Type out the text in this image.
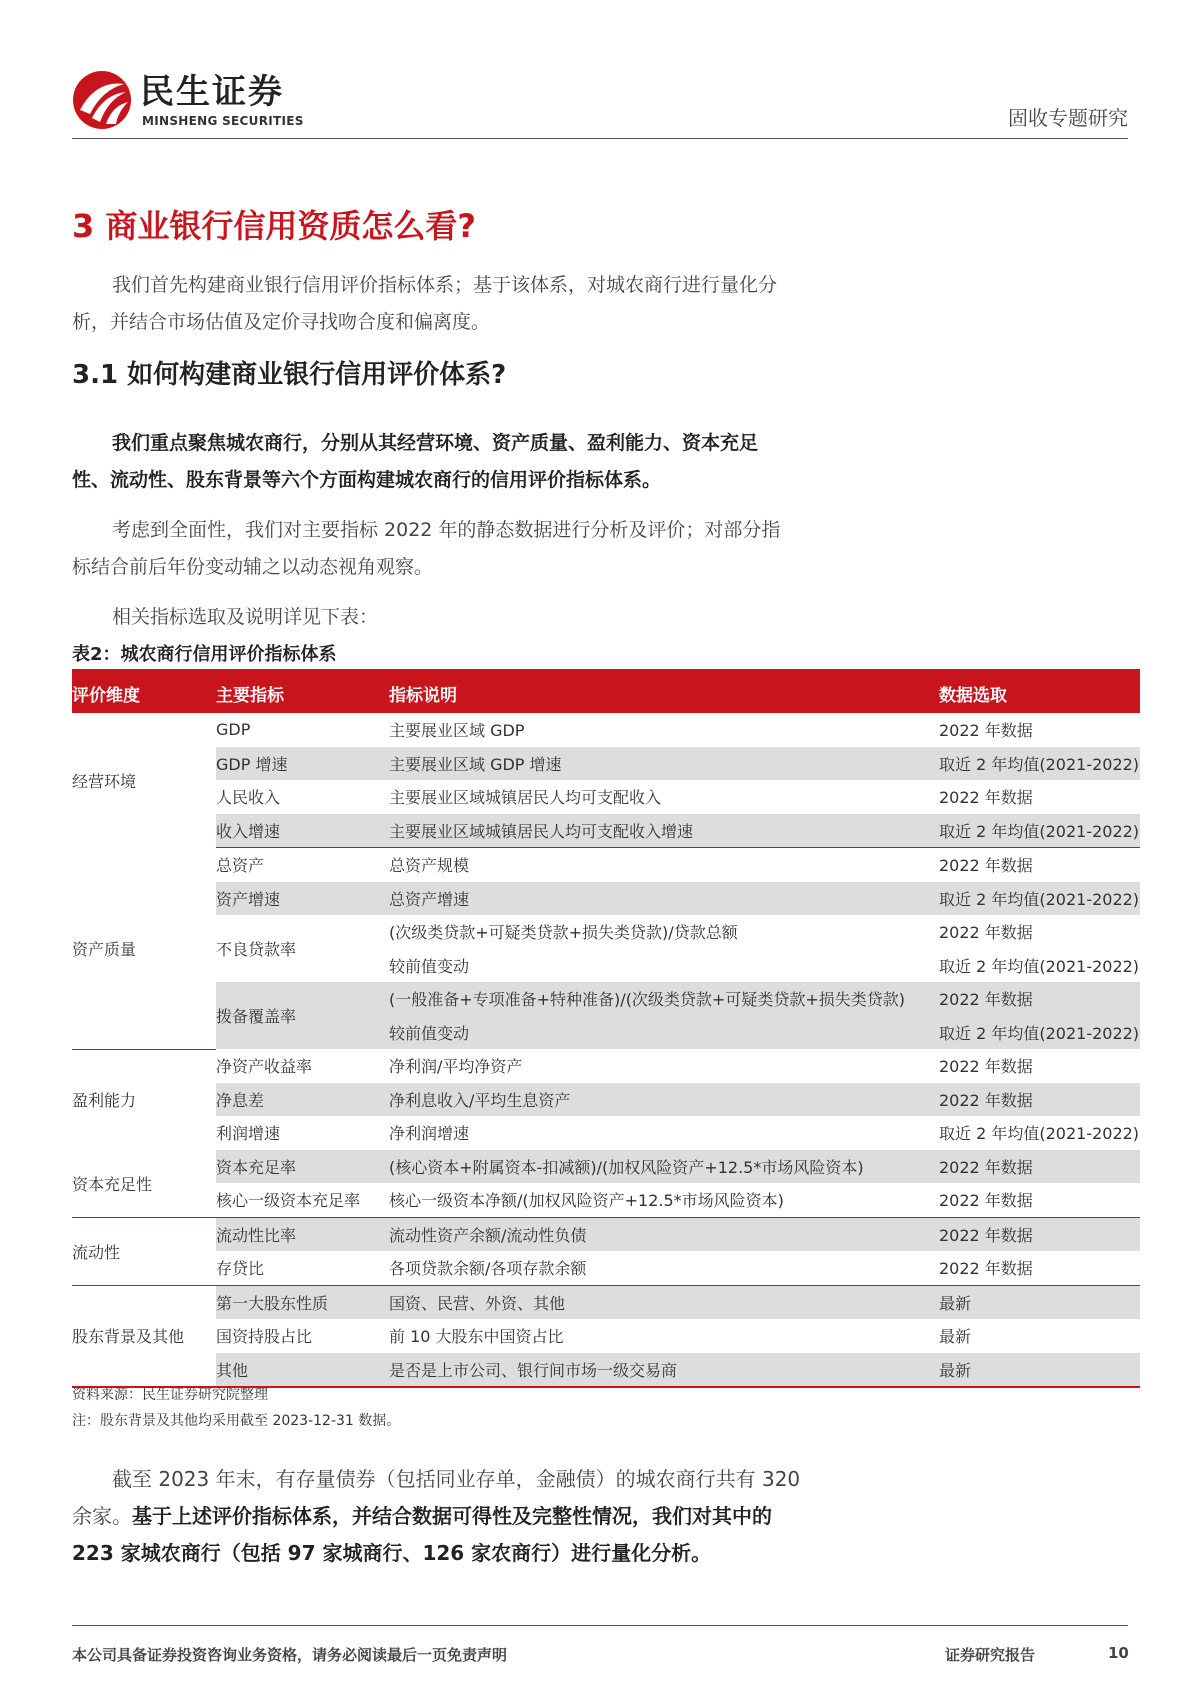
民生证券
MINSHENG SECURITIES	固收专题研究
3 商业银行信用资质怎么看?

我们首先构建商业银行信用评价指标体系；基于该体系，对城农商行进行量化分析，并结合市场估值及定价寻找吻合度和偏离度。

3.1 如何构建商业银行信用评价体系?

我们重点聚焦城农商行，分别从其经营环境、资产质量、盈利能力、资本充足性、流动性、股东背景等六个方面构建城农商行的信用评价指标体系。

考虑到全面性，我们对主要指标 2022 年的静态数据进行分析及评价；对部分指标结合前后年份变动辅之以动态视角观察。

相关指标选取及说明详见下表：

表2：城农商行信用评价指标体系
评价维度	主要指标	指标说明	数据选取
经营环境	GDP	主要展业区域 GDP	2022 年数据
	GDP 增速	主要展业区域 GDP 增速	取近 2 年均值(2021-2022)
	人民收入	主要展业区域城镇居民人均可支配收入	2022 年数据
	收入增速	主要展业区域城镇居民人均可支配收入增速	取近 2 年均值(2021-2022)
资产质量	总资产	总资产规模	2022 年数据
	资产增速	总资产增速	取近 2 年均值(2021-2022)
	不良贷款率	(次级类贷款+可疑类贷款+损失类贷款)/贷款总额	2022 年数据
		较前值变动	取近 2 年均值(2021-2022)
	拨备覆盖率	(一般准备+专项准备+特种准备)/(次级类贷款+可疑类贷款+损失类贷款)	2022 年数据
		较前值变动	取近 2 年均值(2021-2022)
盈利能力	净资产收益率	净利润/平均净资产	2022 年数据
	净息差	净利息收入/平均生息资产	2022 年数据
	利润增速	净利润增速	取近 2 年均值(2021-2022)
资本充足性	资本充足率	(核心资本+附属资本-扣减额)/(加权风险资产+12.5*市场风险资本)	2022 年数据
	核心一级资本充足率	核心一级资本净额/(加权风险资产+12.5*市场风险资本)	2022 年数据
流动性	流动性比率	流动性资产余额/流动性负债	2022 年数据
	存贷比	各项贷款余额/各项存款余额	2022 年数据
股东背景及其他	第一大股东性质	国资、民营、外资、其他	最新
	国资持股占比	前 10 大股东中国资占比	最新
	其他	是否是上市公司、银行间市场一级交易商	最新
资料来源：民生证券研究院整理
注：股东背景及其他均采用截至 2023-12-31 数据。

截至 2023 年末，有存量债券（包括同业存单，金融债）的城农商行共有 320 余家。基于上述评价指标体系，并结合数据可得性及完整性情况，我们对其中的 223 家城农商行（包括 97 家城商行、126 家农商行）进行量化分析。

本公司具备证券投资咨询业务资格，请务必阅读最后一页免责声明	证券研究报告	10
